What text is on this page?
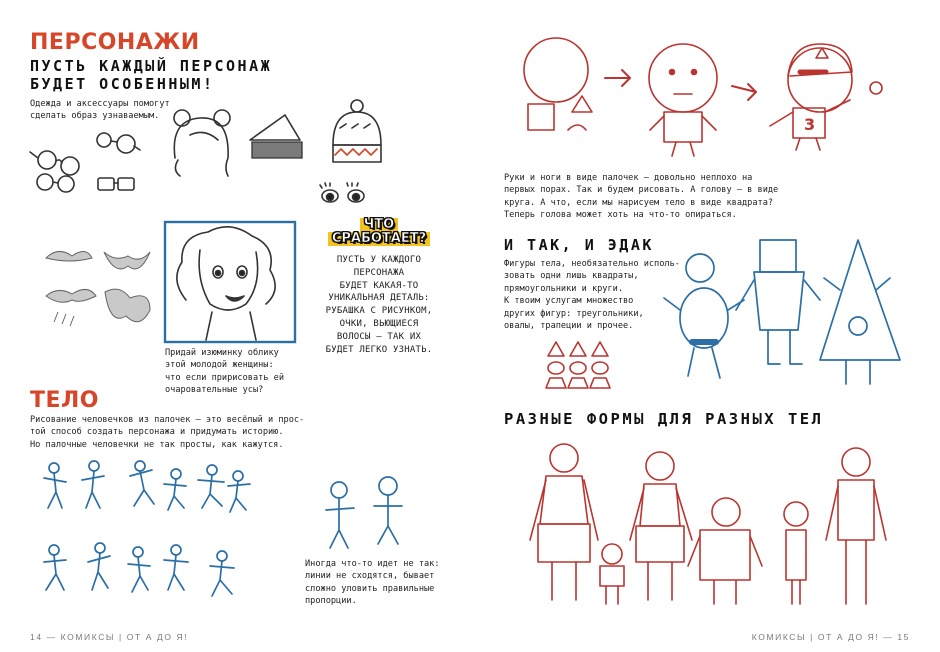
ПЕРСОНАЖИ
ПУСТЬ КАЖДЫЙ ПЕРСОНАЖ
БУДЕТ ОСОБЕННЫМ!
Одежда и аксессуары помогут
сделать образ узнаваемым.
ЧТО
СРАБОТАЕТ?
ПУСТЬ У КАЖДОГО
ПЕРСОНАЖА
БУДЕТ КАКАЯ-ТО
УНИКАЛЬНАЯ ДЕТАЛЬ:
РУБАШКА С РИСУНКОМ,
ОЧКИ, ВЬЮЩИЕСЯ
ВОЛОСЫ — ТАК ИХ
БУДЕТ ЛЕГКО УЗНАТЬ.
Придай изюминку облику
этой молодой женщины:
что если пририсовать ей
очаровательные усы?
ТЕЛО
Рисование человечков из палочек — это весёлый и прос-
той способ создать персонажа и придумать историю.
Но палочные человечки не так просты, как кажутся.
Иногда что-то идет не так:
линии не сходятся, бывает
сложно уловить правильные
пропорции.
14 — КОМИКСЫ | ОТ А ДО Я!
3
Руки и ноги в виде палочек — довольно неплохо на
первых порах. Так и будем рисовать. А голову — в виде
круга. А что, если мы нарисуем тело в виде квадрата?
Теперь голова может хоть на что-то опираться.
И ТАК, И ЭДАК
Фигуры тела, необязательно исполь-
зовать одни лишь квадраты,
прямоугольники и круги.
К твоим услугам множество
других фигур: треугольники,
овалы, трапеции и прочее.
РАЗНЫЕ ФОРМЫ ДЛЯ РАЗНЫХ ТЕЛ
КОМИКСЫ | ОТ А ДО Я! — 15
